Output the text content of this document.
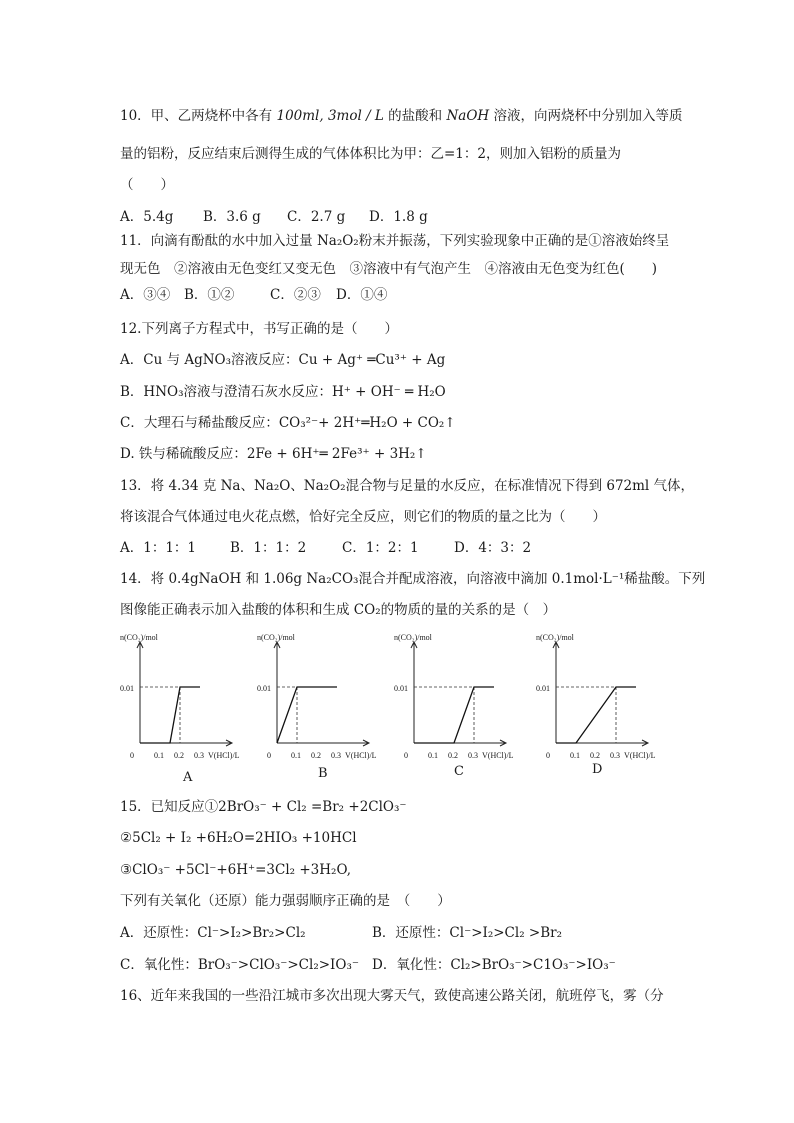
10．甲、乙两烧杯中各有 100ml, 3mol / L 的盐酸和 NaOH 溶液，向两烧杯中分别加入等质
量的铝粉，反应结束后测得生成的气体体积比为甲：乙=1：2，则加入铝粉的质量为
（　　）
A．5.4g B．3.6 g C．2.7 g D．1.8 g
11．向滴有酚酞的水中加入过量 Na₂O₂粉末并振荡，下列实验现象中正确的是①溶液始终呈
现无色　②溶液由无色变红又变无色　③溶液中有气泡产生　④溶液由无色变为红色(　　)
A．③④ B．①②	C．②③ D．①④
12.下列离子方程式中，书写正确的是（　　）
A．Cu 与 AgNO₃溶液反应：Cu + Ag⁺ ═Cu³⁺ + Ag
B．HNO₃溶液与澄清石灰水反应：H⁺ + OH⁻ ═ H₂O
C．大理石与稀盐酸反应：CO₃²⁻+ 2H⁺═H₂O + CO₂↑
D. 铁与稀硫酸反应：2Fe + 6H⁺═ 2Fe³⁺ + 3H₂↑
13．将 4.34 克 Na、Na₂O、Na₂O₂混合物与足量的水反应，在标准情况下得到 672ml 气体，
将该混合气体通过电火花点燃，恰好完全反应，则它们的物质的量之比为（　　）
A．1：1：1	B．1：1：2	C．1：2：1	D．4：3：2
14．将 0.4gNaOH 和 1.06g Na₂CO₃混合并配成溶液，向溶液中滴加 0.1mol·L⁻¹稀盐酸。下列
图像能正确表示加入盐酸的体积和生成 CO₂的物质的量的关系的是（　）
n(CO₂)/mol
V(HCl)/L
0	0.1 0.2 0.3
0.01
n(CO₂)/mol
V(HCl)/L
0	0.1 0.2 0.3
0.01
n(CO₂)/mol
V(HCl)/L
0	0.1 0.2 0.3
0.01
n(CO₂)/mol
V(HCl)/L
0	0.1 0.2 0.3
0.01
A	B	C	D
15．已知反应①2BrO₃⁻ + Cl₂ =Br₂ +2ClO₃⁻
②5Cl₂ + I₂ +6H₂O=2HIO₃ +10HCl
③ClO₃⁻ +5Cl⁻+6H⁺=3Cl₂ +3H₂O,
下列有关氧化（还原）能力强弱顺序正确的是　（　　）
A．还原性：Cl⁻>I₂>Br₂>Cl₂	B．还原性：Cl⁻>I₂>Cl₂ >Br₂
C．氧化性：BrO₃⁻>ClO₃⁻>Cl₂>IO₃⁻ D．氧化性：Cl₂>BrO₃⁻>C1O₃⁻>IO₃⁻
16、近年来我国的一些沿江城市多次出现大雾天气，致使高速公路关闭，航班停飞，雾（分
